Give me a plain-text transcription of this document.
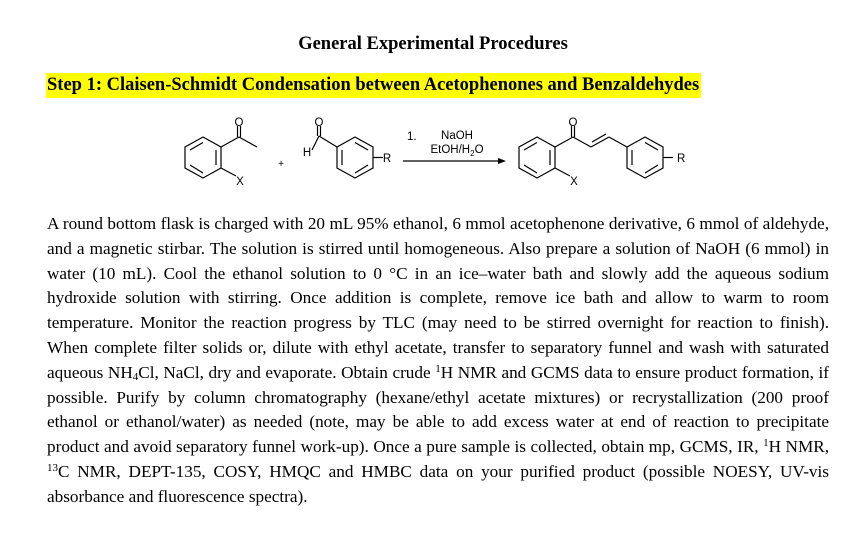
General Experimental Procedures
Step 1: Claisen-Schmidt Condensation between Acetophenones and Benzaldehydes
O
X
+
O
H	R
1. NaOH
EtOH/$H_2O$
O
X
R

A round bottom flask is charged with 20 mL 95% ethanol, 6 mmol acetophenone derivative, 6 mmol of aldehyde, and a magnetic stirbar. The solution is stirred until homogeneous. Also prepare a solution of NaOH (6 mmol) in water (10 mL). Cool the ethanol solution to 0 °C in an ice–water bath and slowly add the aqueous sodium hydroxide solution with stirring. Once addition is complete, remove ice bath and allow to warm to room temperature. Monitor the reaction progress by TLC (may need to be stirred overnight for reaction to finish). When complete filter solids or, dilute with ethyl acetate, transfer to separatory funnel and wash with saturated aqueous $NH_4Cl$, NaCl, dry and evaporate. Obtain crude $^1$H NMR and GCMS data to ensure product formation, if possible. Purify by column chromatography (hexane/ethyl acetate mixtures) or recrystallization (200 proof ethanol or ethanol/water) as needed (note, may be able to add excess water at end of reaction to precipitate product and avoid separatory funnel work-up). Once a pure sample is collected, obtain mp, GCMS, IR, $^1$H NMR, $^{13}$C NMR, DEPT-135, COSY, HMQC and HMBC data on your purified product (possible NOESY, UV-vis absorbance and fluorescence spectra).
